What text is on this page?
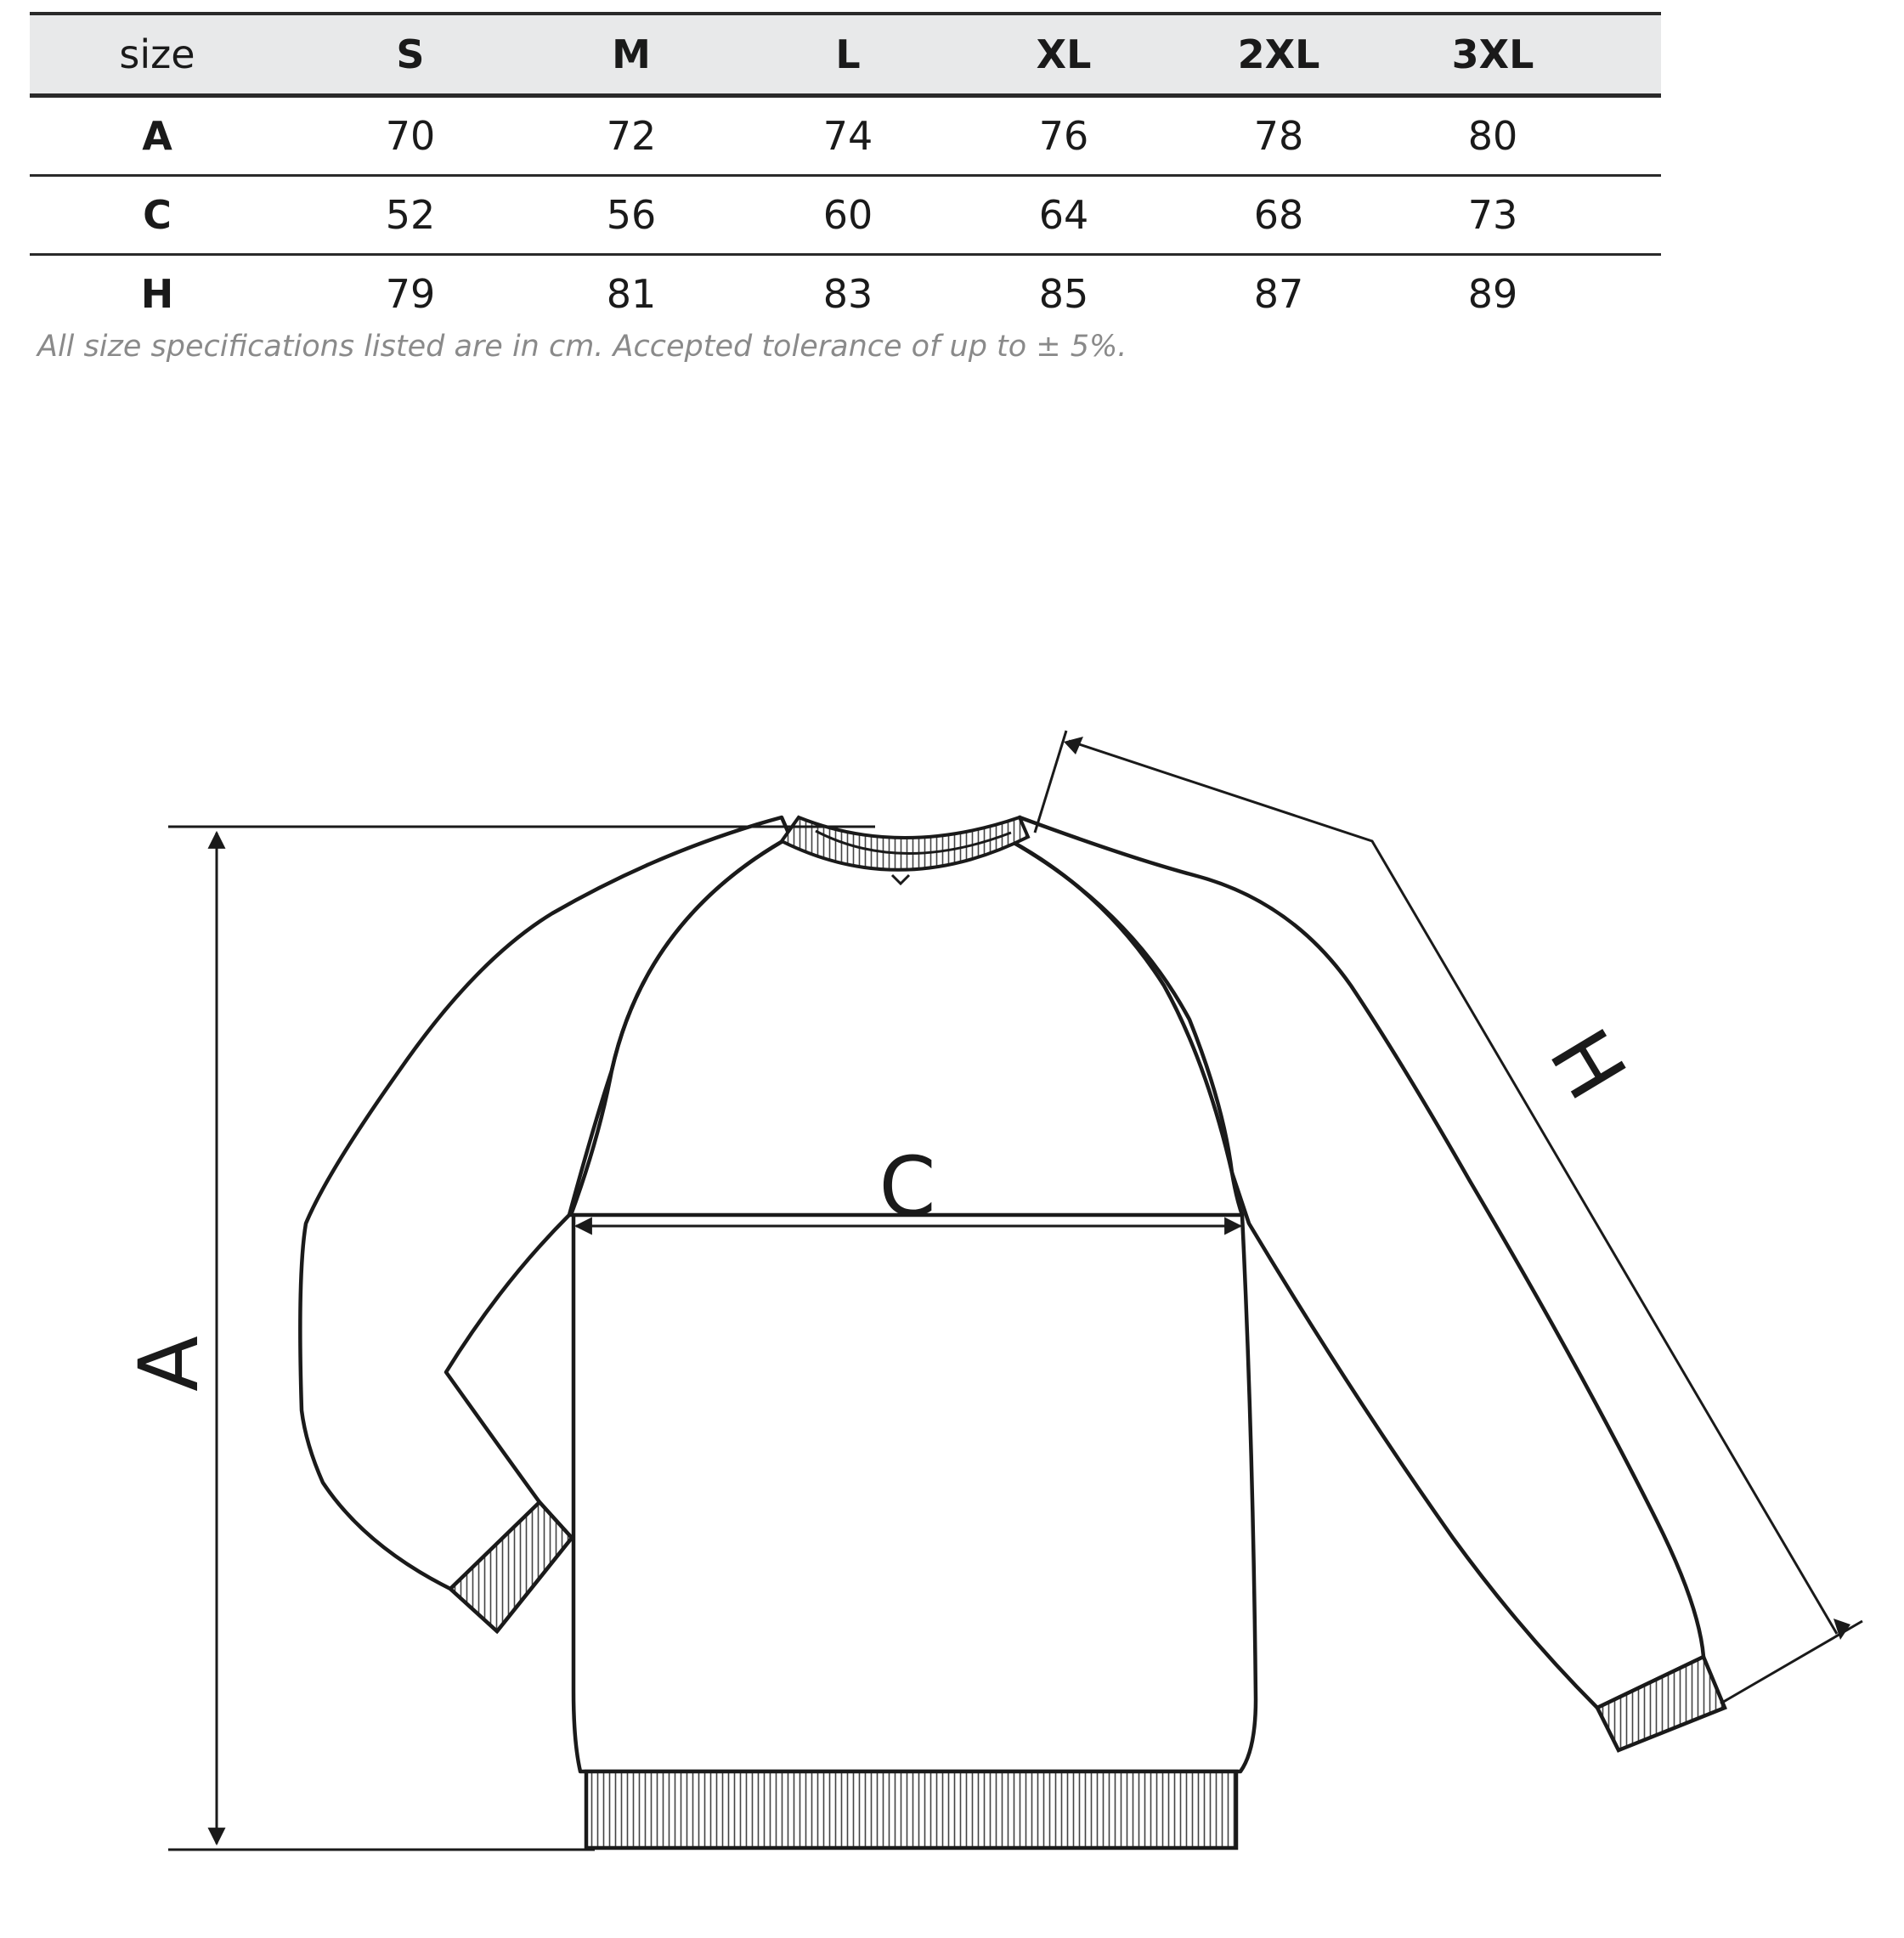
size	S	M	L	XL	2XL	3XL
A	70	72	74	76	78	80
C	52	56	60	64	68	73
H	79	81	83	85	87	89
All size specifications listed are in cm. Accepted tolerance of up to ± 5%.
A
C
H
